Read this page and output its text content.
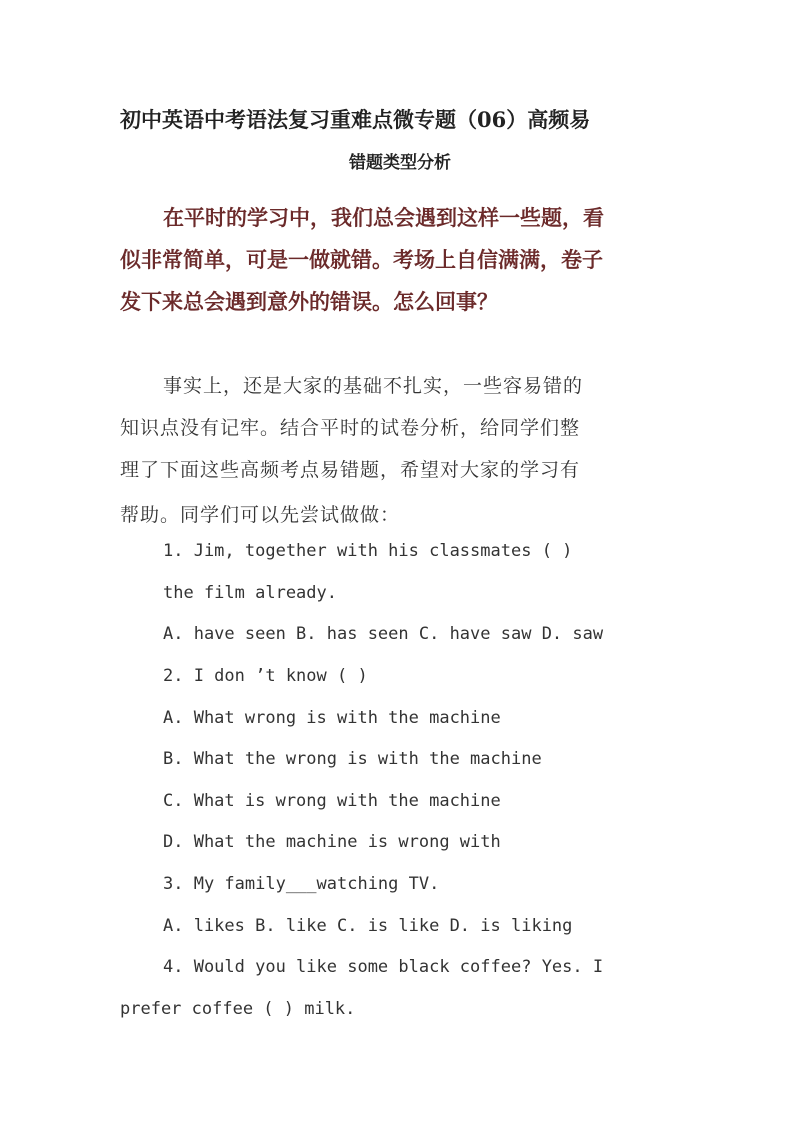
初中英语中考语法复习重难点微专题（06）高频易
错题类型分析
在平时的学习中，我们总会遇到这样一些题，看
似非常简单，可是一做就错。考场上自信满满，卷子
发下来总会遇到意外的错误。怎么回事？
事实上，还是大家的基础不扎实，一些容易错的
知识点没有记牢。结合平时的试卷分析，给同学们整
理了下面这些高频考点易错题，希望对大家的学习有
帮助。同学们可以先尝试做做：
1. Jim, together with his classmates ( )
the film already.
A. have seen B. has seen C. have saw D. saw
2. I don ’t know ( )
A. What wrong is with the machine
B. What the wrong is with the machine
C. What is wrong with the machine
D. What the machine is wrong with
3. My family___watching TV.
A. likes B. like C. is like D. is liking
4. Would you like some black coffee? Yes. I
prefer coffee ( ) milk.
